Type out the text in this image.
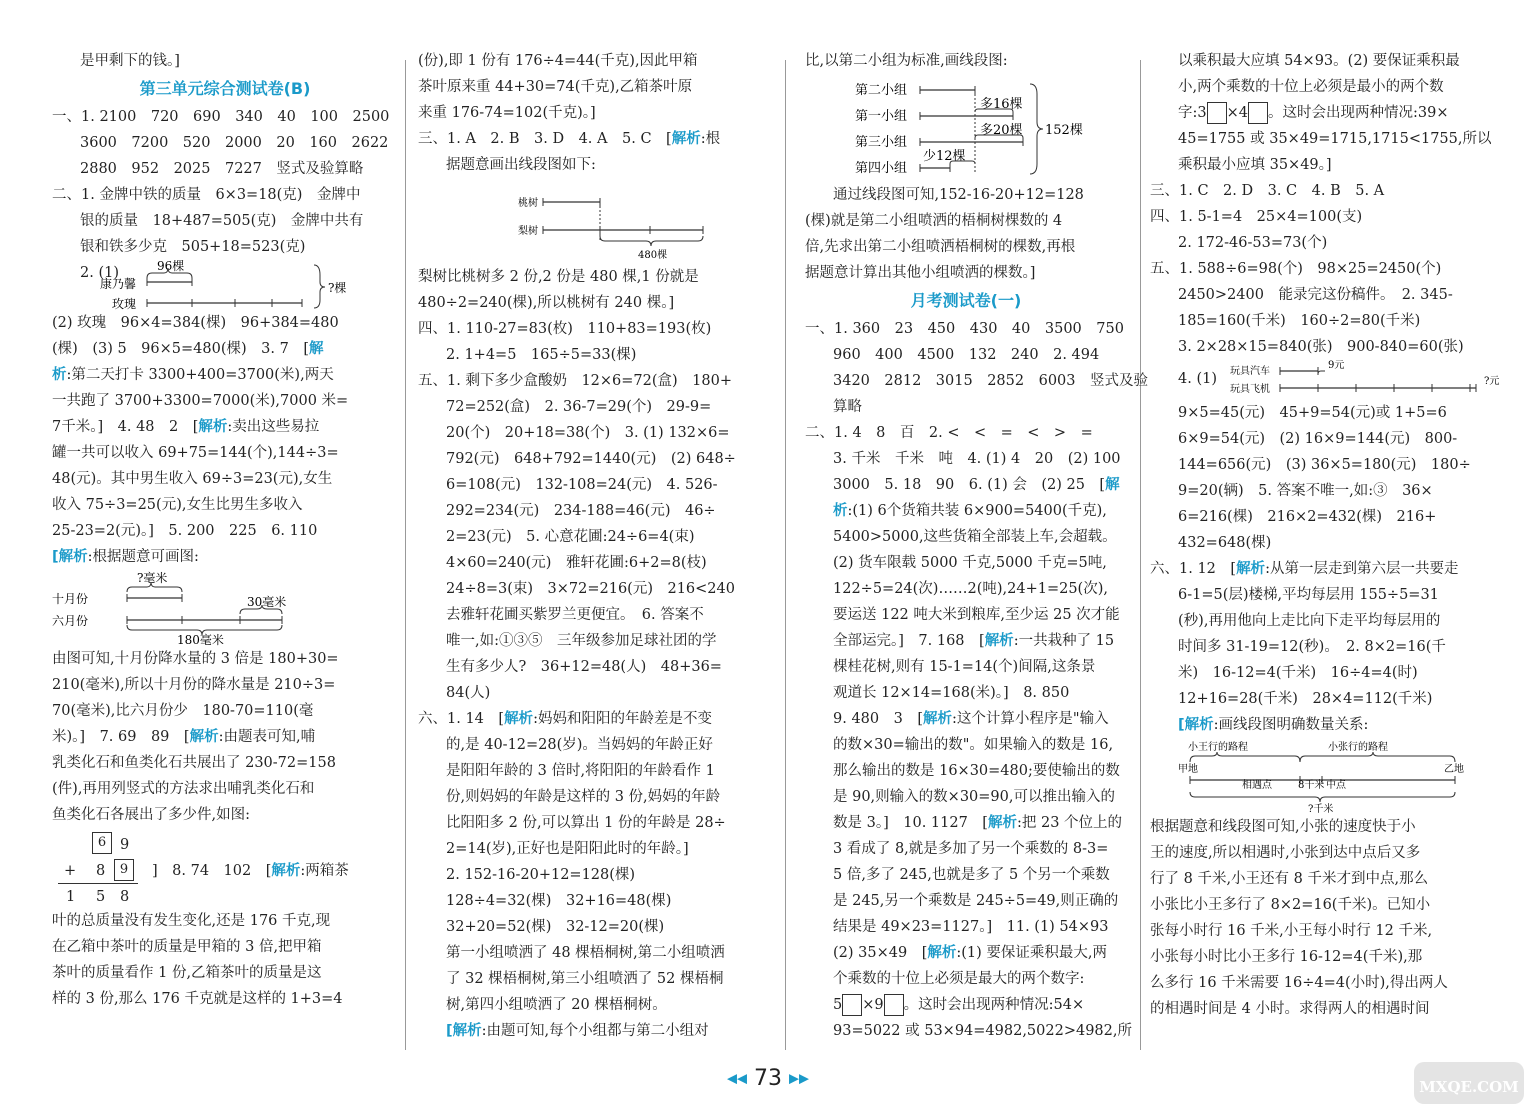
是甲剩下的钱。]
第三单元综合测试卷(B)
一、1. 2100　720　690　340　40　100　2500
3600　7200　520　2000　20　160　2622
2880　952　2025　7227　竖式及验算略
二、1. 金牌中铁的质量　6×3=18(克)　金牌中
银的质量　18+487=505(克)　金牌中共有
银和铁多少克　505+18=523(克)
2. (1)	96棵
康乃馨
玫瑰
?棵
(2) 玫瑰　96×4=384(棵)　96+384=480
(棵)　(3) 5　96×5=480(棵)　3. 7　[解
析:第二天打卡 3300+400=3700(米),两天
一共跑了 3700+3300=7000(米),7000 米=
7千米。]　4. 48　2　[解析:卖出这些易拉
罐一共可以收入 69+75=144(个),144÷3=
48(元)。其中男生收入 69÷3=23(元),女生
收入 75÷3=25(元),女生比男生多收入
25-23=2(元)。]　5. 200　225　6. 110
[解析:根据题意可画图:
?毫米
十月份	30毫米
六月份
180毫米
由图可知,十月份降水量的 3 倍是 180+30=
210(毫米),所以十月份的降水量是 210÷3=
70(毫米),比六月份少　180-70=110(毫
米)。]　7. 69　89　[解析:由题表可知,哺
乳类化石和鱼类化石共展出了 230-72=158
(件),再用列竖式的方法求出哺乳类化石和
鱼类化石各展出了多少件,如图:
6 9
+ 8	9
1 5 8
]　8. 74　102　[解析:两箱茶
叶的总质量没有发生变化,还是 176 千克,现
在乙箱中茶叶的质量是甲箱的 3 倍,把甲箱
茶叶的质量看作 1 份,乙箱茶叶的质量是这
样的 3 份,那么 176 千克就是这样的 1+3=4
(份),即 1 份有 176÷4=44(千克),因此甲箱
茶叶原来重 44+30=74(千克),乙箱茶叶原
来重 176-74=102(千克)。]
三、1. A　2. B　3. D　4. A　5. C　[解析:根
据题意画出线段图如下:
桃树
梨树
480棵
梨树比桃树多 2 份,2 份是 480 棵,1 份就是
480÷2=240(棵),所以桃树有 240 棵。]
四、1. 110-27=83(枚)　110+83=193(枚)
2. 1+4=5　165÷5=33(棵)
五、1. 剩下多少盒酸奶　12×6=72(盒)　180+
72=252(盒)　2. 36-7=29(个)　29-9=
20(个)　20+18=38(个)　3. (1) 132×6=
792(元)　648+792=1440(元)　(2) 648÷
6=108(元)　132-108=24(元)　4. 526-
292=234(元)　234-188=46(元)　46÷
2=23(元)　5. 心意花圃:24÷6=4(束)
4×60=240(元)　雅轩花圃:6+2=8(枝)
24÷8=3(束)　3×72=216(元)　216<240
去雅轩花圃买紫罗兰更便宜。　6. 答案不
唯一,如:①③⑤　三年级参加足球社团的学
生有多少人?　36+12=48(人)　48+36=
84(人)
六、1. 14　[解析:妈妈和阳阳的年龄差是不变
的,是 40-12=28(岁)。当妈妈的年龄正好
是阳阳年龄的 3 倍时,将阳阳的年龄看作 1
份,则妈妈的年龄是这样的 3 份,妈妈的年龄
比阳阳多 2 份,可以算出 1 份的年龄是 28÷
2=14(岁),正好也是阳阳此时的年龄。]
2. 152-16-20+12=128(棵)
128÷4=32(棵)　32+16=48(棵)
32+20=52(棵)　32-12=20(棵)
第一小组喷洒了 48 棵梧桐树,第二小组喷洒
了 32 棵梧桐树,第三小组喷洒了 52 棵梧桐
树,第四小组喷洒了 20 棵梧桐树。
[解析:由题可知,每个小组都与第二小组对
比,以第二小组为标准,画线段图:
第二小组
第一小组
多16棵
第三小组
多20棵
第四小组
少12棵
152棵
通过线段图可知,152-16-20+12=128
(棵)就是第二小组喷洒的梧桐树棵数的 4
倍,先求出第二小组喷洒梧桐树的棵数,再根
据题意计算出其他小组喷洒的棵数。]
月考测试卷(一)
一、1. 360　23　450　430　40　3500　750
960　400　4500　132　240　2. 494
3420　2812　3015　2852　6003　竖式及验
算略
二、1. 4　8　百　2. <　<　=　<　>　=
3. 千米　千米　吨　4. (1) 4　20　(2) 100
3000　5. 18　90　6. (1) 会　(2) 25　[解
析:(1) 6个货箱共装 6×900=5400(千克),
5400>5000,这些货箱全部装上车,会超载。
(2) 货车限载 5000 千克,5000 千克=5吨,
122÷5=24(次)……2(吨),24+1=25(次),
要运送 122 吨大米到粮库,至少运 25 次才能
全部运完。]　7. 168　[解析:一共栽种了 15
棵桂花树,则有 15-1=14(个)间隔,这条景
观道长 12×14=168(米)。]　8. 850
9. 480　3　[解析:这个计算小程序是"输入
的数×30=输出的数"。如果输入的数是 16,
那么输出的数是 16×30=480;要使输出的数
是 90,则输入的数×30=90,可以推出输入的
数是 3。]　10. 1127　[解析:把 23 个位上的
3 看成了 8,就是多加了另一个乘数的 8-3=
5 倍,多了 245,也就是多了 5 个另一个乘数
是 245,另一个乘数是 245÷5=49,则正确的
结果是 49×23=1127。]　11. (1) 54×93
(2) 35×49　[解析:(1) 要保证乘积最大,两
个乘数的十位上必须是最大的两个数字:
5 ×9 。这时会出现两种情况:54×
93=5022 或 53×94=4982,5022>4982,所
以乘积最大应填 54×93。(2) 要保证乘积最
小,两个乘数的十位上必须是最小的两个数
字:3 ×4 。这时会出现两种情况:39×
45=1755 或 35×49=1715,1715<1755,所以
乘积最小应填 35×49。]
三、1. C　2. D　3. C　4. B　5. A
四、1. 5-1=4　25×4=100(支)
2. 172-46-53=73(个)
五、1. 588÷6=98(个)　98×25=2450(个)
2450>2400　能录完这份稿件。　2. 345-
185=160(千米)　160÷2=80(千米)
3. 2×28×15=840(张)　900-840=60(张)
4. (1) 玩具汽车
玩具飞机
9元
?元
9×5=45(元)　45+9=54(元)或 1+5=6
6×9=54(元)　(2) 16×9=144(元)　800-
144=656(元)　(3) 36×5=180(元)　180÷
9=20(辆)　5. 答案不唯一,如:③　36×
6=216(棵)　216×2=432(棵)　216+
432=648(棵)
六、1. 12　[解析:从第一层走到第六层一共要走
6-1=5(层)楼梯,平均每层用 155÷5=31
(秒),再用他向上走比向下走平均每层用的
时间多 31-19=12(秒)。　2. 8×2=16(千
米)　16-12=4(千米)　16÷4=4(时)
12+16=28(千米)　28×4=112(千米)
[解析:画线段图明确数量关系:
小王行的路程	小张行的路程
甲地
相遇点	8千米 中点
乙地
?千米
根据题意和线段图可知,小张的速度快于小
王的速度,所以相遇时,小张到达中点后又多
行了 8 千米,小王还有 8 千米才到中点,那么
小张比小王多行了 8×2=16(千米)。已知小
张每小时行 16 千米,小王每小时行 12 千米,
小张每小时比小王多行 16-12=4(千米),那
么多行 16 千米需要 16÷4=4(小时),得出两人
的相遇时间是 4 小时。求得两人的相遇时间
◀◀ 73 ▶▶	MXQE.COM
